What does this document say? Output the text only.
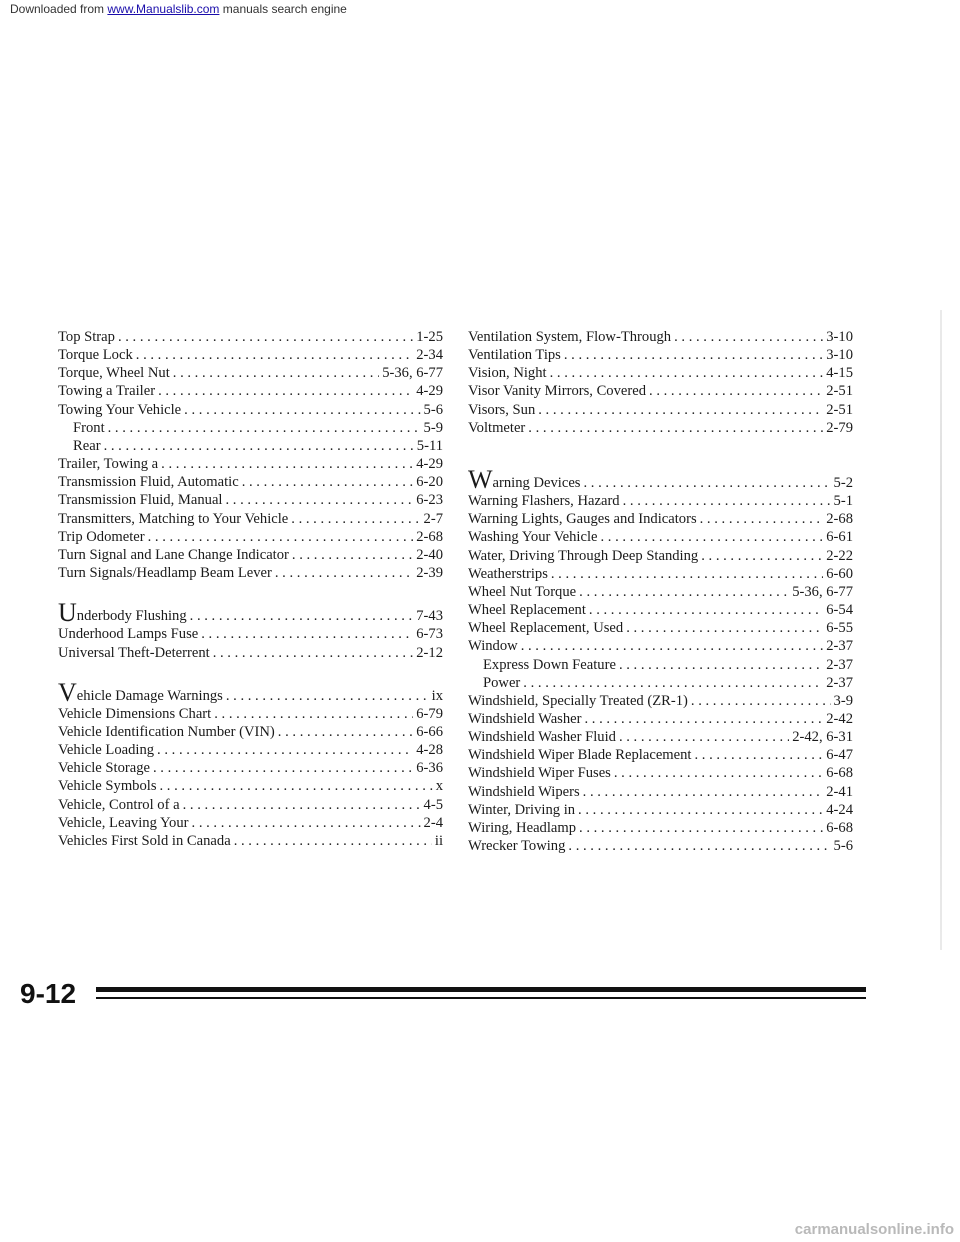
Downloaded from www.Manualslib.com manuals search engine
Top Strap . . .	1-25
Torque Lock . . .	2-34
Torque, Wheel Nut . . .	5-36, 6-77
Towing a Trailer . . .	4-29
Towing Your Vehicle . . .	5-6
Front . . .	5-9
Rear . . .	5-11
Trailer, Towing a . . .	4-29
Transmission Fluid, Automatic . . .	6-20
Transmission Fluid, Manual . . .	6-23
Transmitters, Matching to Your Vehicle . . .	2-7
Trip Odometer . . .	2-68
Turn Signal and Lane Change Indicator . . .	2-40
Turn Signals/Headlamp Beam Lever . . .	2-39
Underbody Flushing . . .	7-43
Underhood Lamps Fuse . . .	6-73
Universal Theft-Deterrent . . .	2-12
Vehicle Damage Warnings . . .	ix
Vehicle Dimensions Chart . . .	6-79
Vehicle Identification Number (VIN) . . .	6-66
Vehicle Loading . . .	4-28
Vehicle Storage . . .	6-36
Vehicle Symbols . . .	x
Vehicle, Control of a . . .	4-5
Vehicle, Leaving Your . . .	2-4
Vehicles First Sold in Canada . . .	ii
Ventilation System, Flow-Through . . .	3-10
Ventilation Tips . . .	3-10
Vision, Night . . .	4-15
Visor Vanity Mirrors, Covered . . .	2-51
Visors, Sun . . .	2-51
Voltmeter . . .	2-79
Warning Devices . . .	5-2
Warning Flashers, Hazard . . .	5-1
Warning Lights, Gauges and Indicators . . .	2-68
Washing Your Vehicle . . .	6-61
Water, Driving Through Deep Standing . . .	2-22
Weatherstrips . . .	6-60
Wheel Nut Torque . . .	5-36, 6-77
Wheel Replacement . . .	6-54
Wheel Replacement, Used . . .	6-55
Window . . .	2-37
Express Down Feature . . .	2-37
Power . . .	2-37
Windshield, Specially Treated (ZR-1) . . .	3-9
Windshield Washer . . .	2-42
Windshield Washer Fluid . . .	2-42, 6-31
Windshield Wiper Blade Replacement . . .	6-47
Windshield Wiper Fuses . . .	6-68
Windshield Wipers . . .	2-41
Winter, Driving in . . .	4-24
Wiring, Headlamp . . .	6-68
Wrecker Towing . . .	5-6
9-12
carmanualsonline.info
